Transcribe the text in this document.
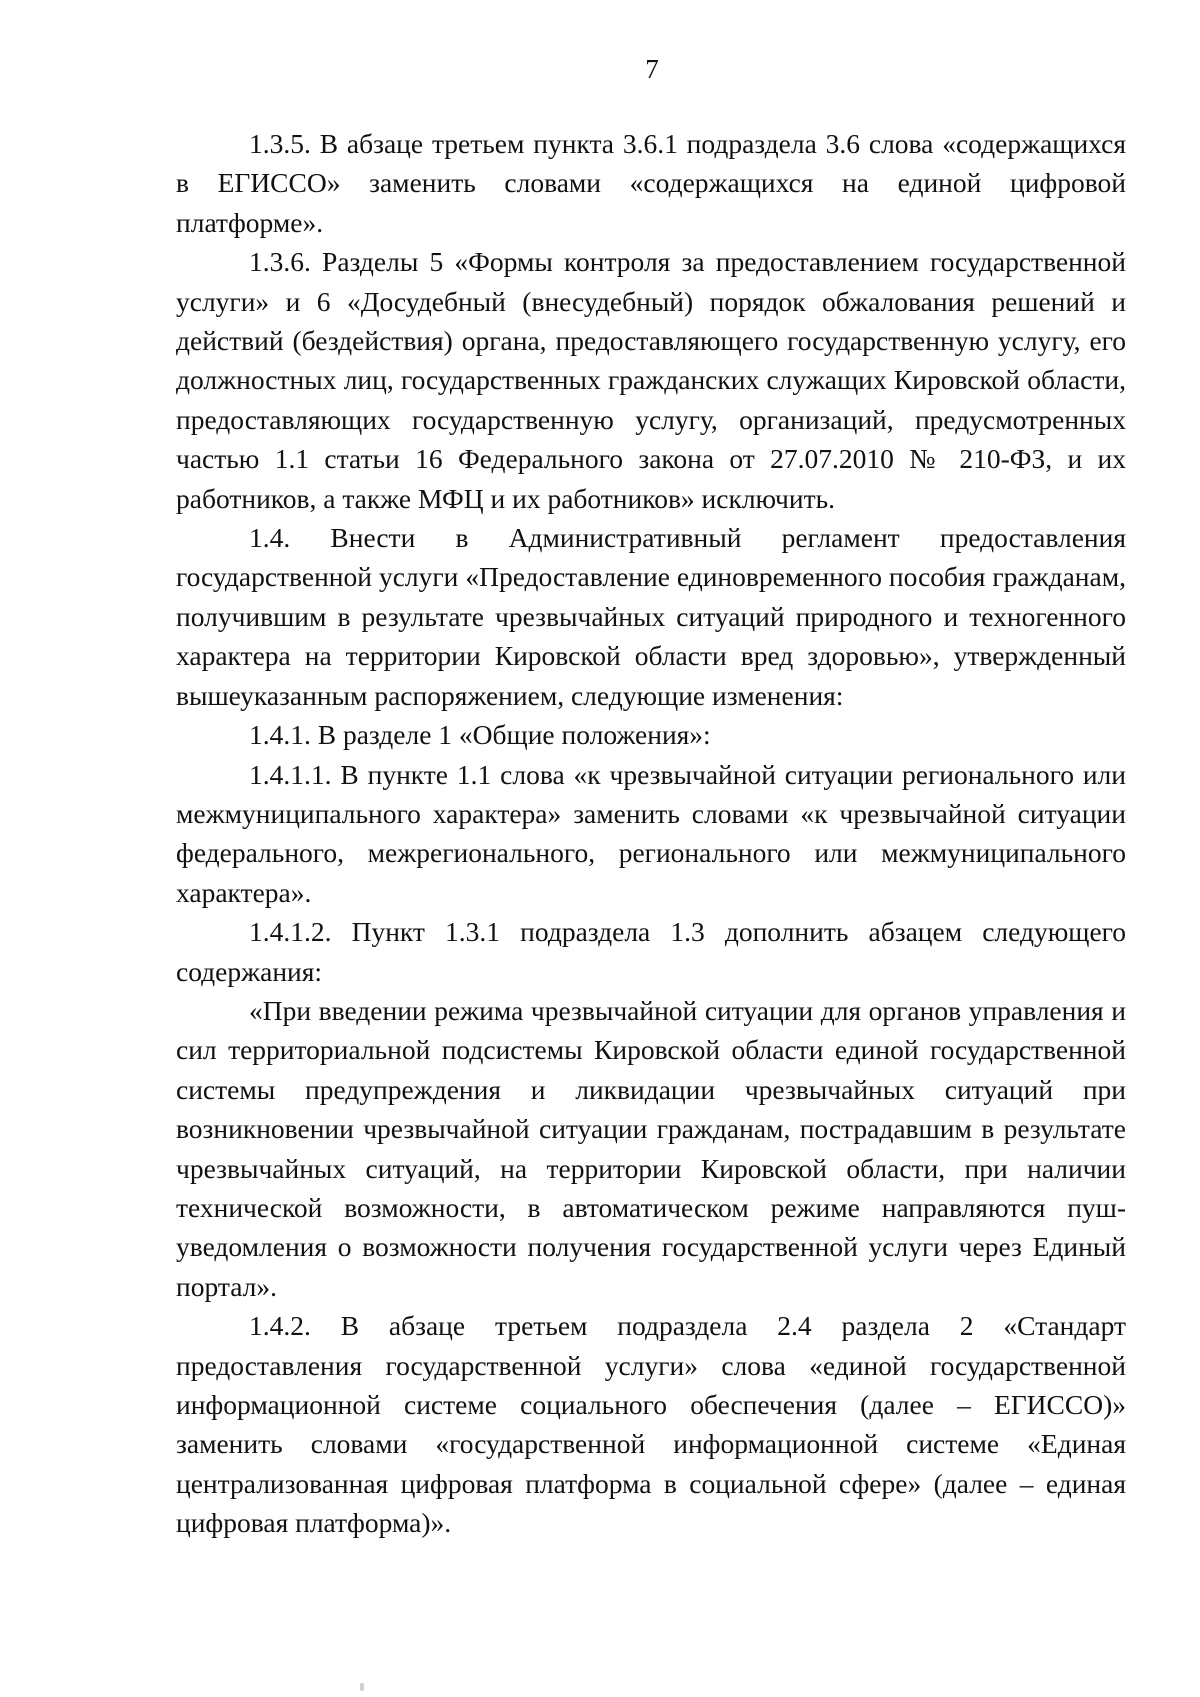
7

1.3.5. В абзаце третьем пункта 3.6.1 подраздела 3.6 слова «содержащихся в ЕГИССО» заменить словами «содержащихся на единой цифровой платформе».

1.3.6. Разделы 5 «Формы контроля за предоставлением государственной услуги» и 6 «Досудебный (внесудебный) порядок обжалования решений и действий (бездействия) органа, предоставляющего государственную услугу, его должностных лиц, государственных гражданских служащих Кировской области, предоставляющих государственную услугу, организаций, предусмотренных частью 1.1 статьи 16 Федерального закона от 27.07.2010 № 210-ФЗ, и их работников, а также МФЦ и их работников» исключить.

1.4. Внести в Административный регламент предоставления государственной услуги «Предоставление единовременного пособия гражданам, получившим в результате чрезвычайных ситуаций природного и техногенного характера на территории Кировской области вред здоровью», утвержденный вышеуказанным распоряжением, следующие изменения:

1.4.1. В разделе 1 «Общие положения»:

1.4.1.1. В пункте 1.1 слова «к чрезвычайной ситуации регионального или межмуниципального характера» заменить словами «к чрезвычайной ситуации федерального, межрегионального, регионального или межмуниципального характера».

1.4.1.2. Пункт 1.3.1 подраздела 1.3 дополнить абзацем следующего содержания:

«При введении режима чрезвычайной ситуации для органов управления и сил территориальной подсистемы Кировской области единой государственной системы предупреждения и ликвидации чрезвычайных ситуаций при возникновении чрезвычайной ситуации гражданам, пострадавшим в результате чрезвычайных ситуаций, на территории Кировской области, при наличии технической возможности, в автоматическом режиме направляются пуш-уведомления о возможности получения государственной услуги через Единый портал».

1.4.2. В абзаце третьем подраздела 2.4 раздела 2 «Стандарт предоставления государственной услуги» слова «единой государственной информационной системе социального обеспечения (далее – ЕГИССО)» заменить словами «государственной информационной системе «Единая централизованная цифровая платформа в социальной сфере» (далее – единая цифровая платформа)».
